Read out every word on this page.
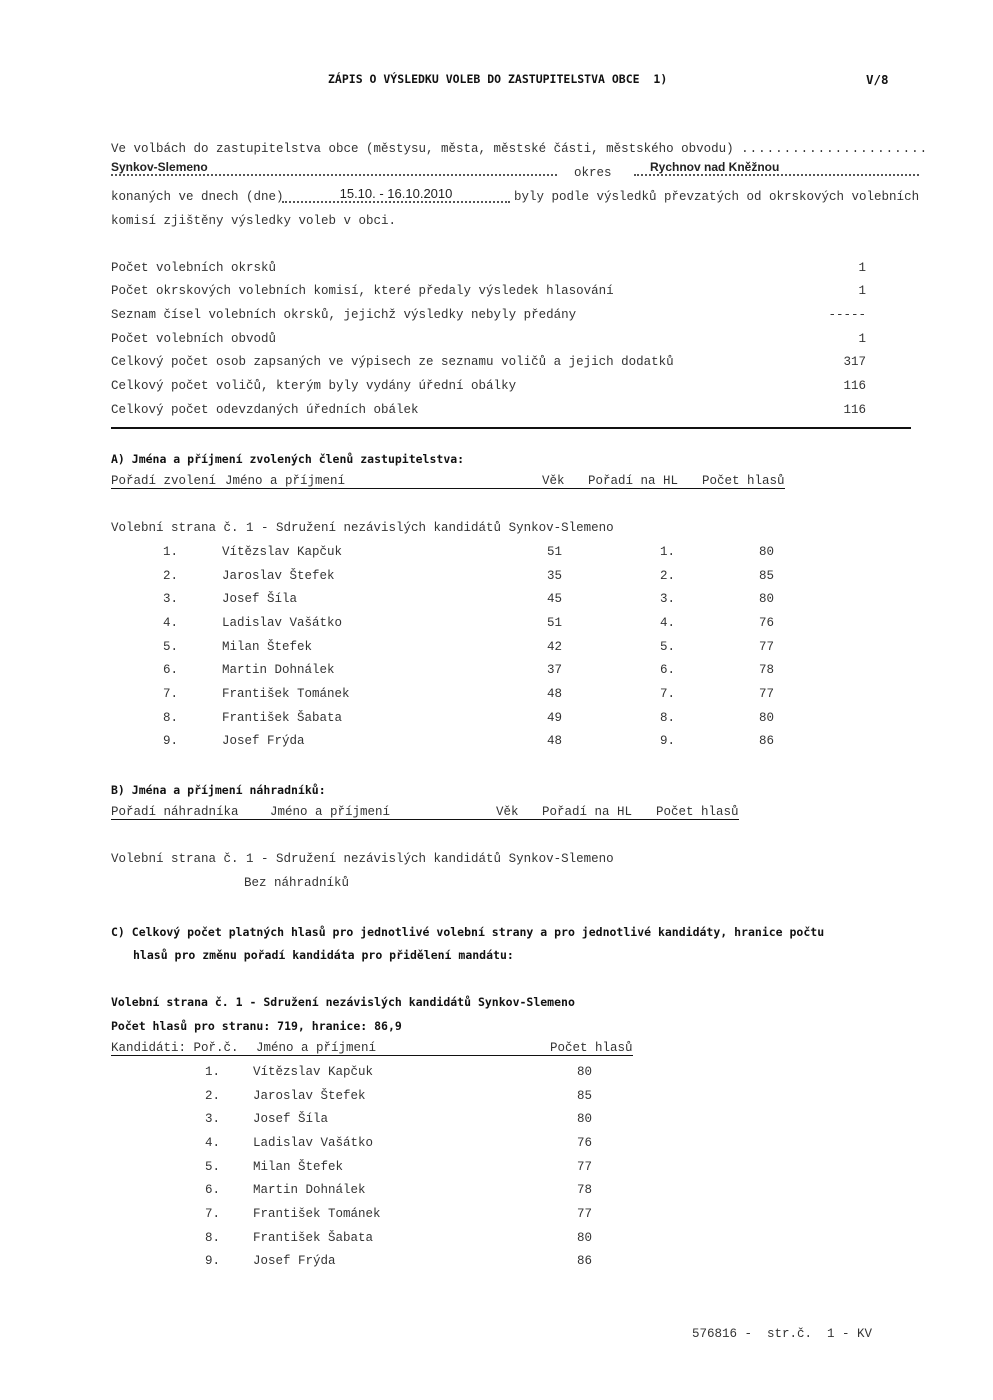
ZÁPIS O VÝSLEDKU VOLEB DO ZASTUPITELSTVA OBCE  1)	V/8
Ve volbách do zastupitelstva obce (městysu, města, městské části, městského obvodu) ......................
Synkov-Slemeno	okres	Rychnov nad Kněžnou
konaných ve dnech (dne)	15.10. - 16.10.2010	byly podle výsledků převzatých od okrskových volebních
komisí zjištěny výsledky voleb v obci.
Počet volebních okrsků	1
Počet okrskových volebních komisí, které předaly výsledek hlasování	1
Seznam čísel volebních okrsků, jejichž výsledky nebyly předány	-----
Počet volebních obvodů	1
Celkový počet osob zapsaných ve výpisech ze seznamu voličů a jejich dodatků	317
Celkový počet voličů, kterým byly vydány úřední obálky	116
Celkový počet odevzdaných úředních obálek	116
A) Jména a příjmení zvolených členů zastupitelstva:
Pořadí zvolení Jméno a příjmení	Věk Pořadí na HL Počet hlasů
Volební strana č. 1 - Sdružení nezávislých kandidátů Synkov-Slemeno
1.	Vítězslav Kapčuk	51	1.	80
2.	Jaroslav Štefek	35	2.	85
3.	Josef Šíla	45	3.	80
4.	Ladislav Vašátko	51	4.	76
5.	Milan Štefek	42	5.	77
6.	Martin Dohnálek	37	6.	78
7.	František Tománek	48	7.	77
8.	František Šabata	49	8.	80
9.	Josef Frýda	48	9.	86
B) Jména a příjmení náhradníků:
Pořadí náhradníka	Jméno a příjmení	Věk Pořadí na HL Počet hlasů
Volební strana č. 1 - Sdružení nezávislých kandidátů Synkov-Slemeno
Bez náhradníků
C) Celkový počet platných hlasů pro jednotlivé volební strany a pro jednotlivé kandidáty, hranice počtu
hlasů pro změnu pořadí kandidáta pro přidělení mandátu:
Volební strana č. 1 - Sdružení nezávislých kandidátů Synkov-Slemeno
Počet hlasů pro stranu: 719, hranice: 86,9
Kandidáti: Poř.č. Jméno a příjmení	Počet hlasů
1.	Vítězslav Kapčuk	80
2.	Jaroslav Štefek	85
3.	Josef Šíla	80
4.	Ladislav Vašátko	76
5.	Milan Štefek	77
6.	Martin Dohnálek	78
7.	František Tománek	77
8.	František Šabata	80
9.	Josef Frýda	86
576816 -  str.č.  1 - KV
